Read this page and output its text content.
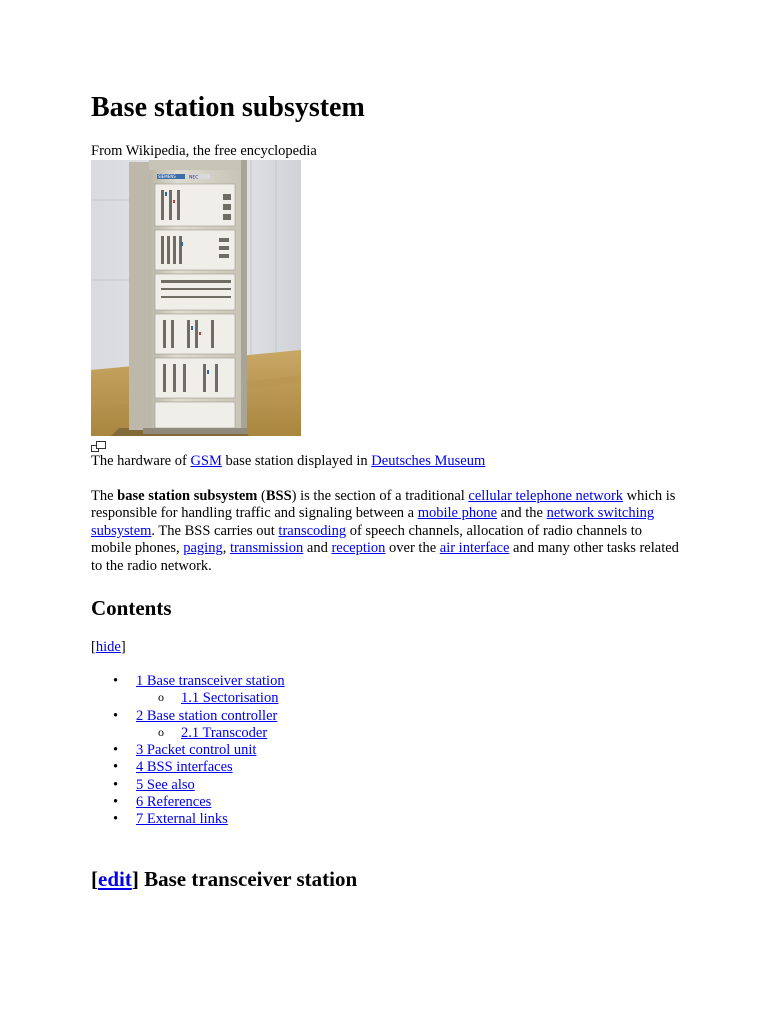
Base station subsystem

From Wikipedia, the free encyclopedia

SIEMENS	NEC

The hardware of GSM base station displayed in Deutsches Museum

The base station subsystem (BSS) is the section of a traditional cellular telephone network which is responsible for handling traffic and signaling between a mobile phone and the network switching subsystem. The BSS carries out transcoding of speech channels, allocation of radio channels to mobile phones, paging, transmission and reception over the air interface and many other tasks related to the radio network.

Contents
[hide]
• 1 Base transceiver station
o 1.1 Sectorisation
• 2 Base station controller
o 2.1 Transcoder
• 3 Packet control unit
• 4 BSS interfaces
• 5 See also
• 6 References
• 7 External links
[edit] Base transceiver station
